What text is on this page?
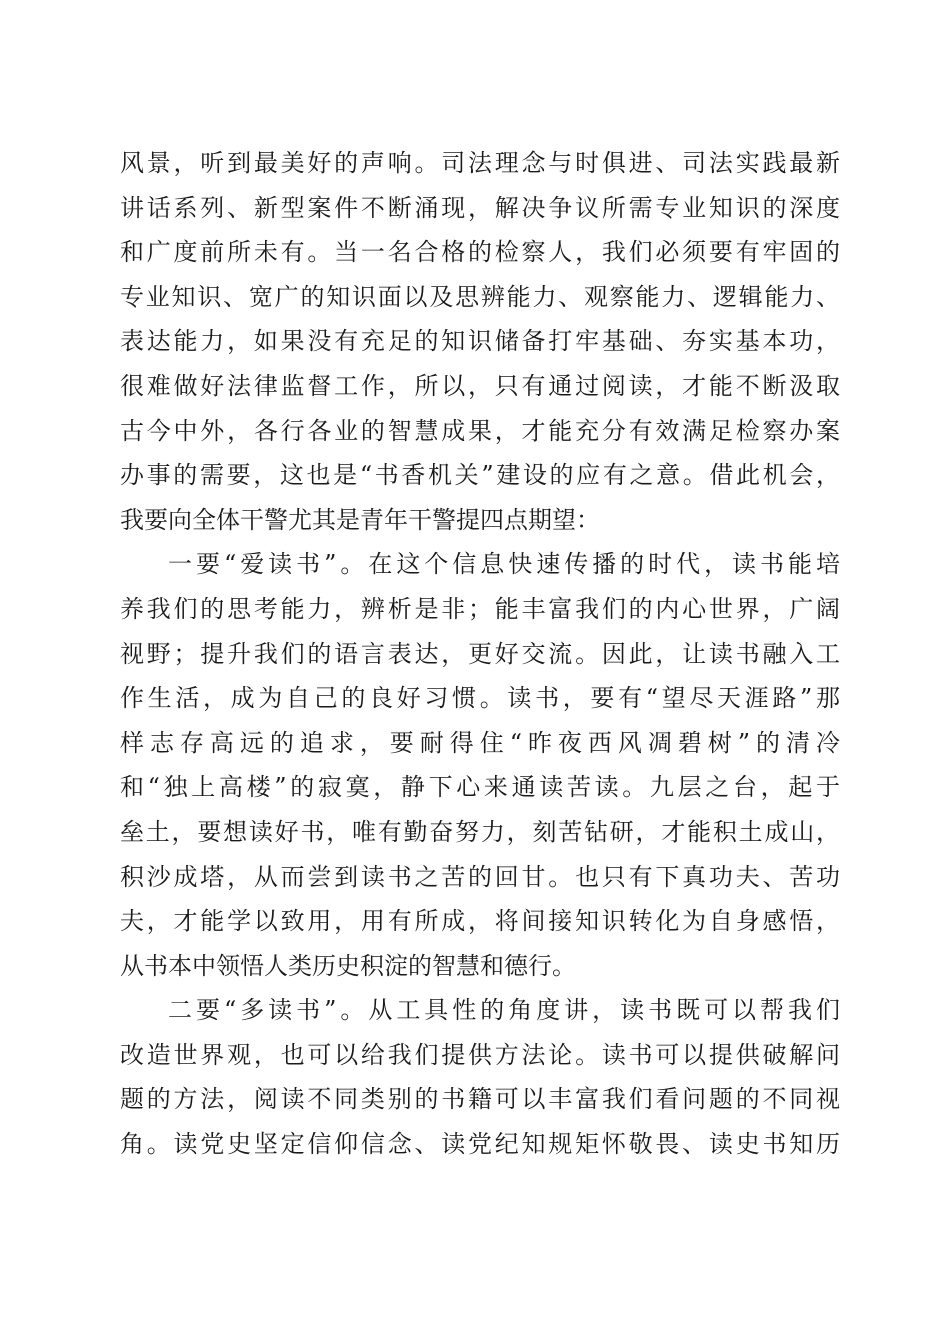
风景，听到最美好的声响。司法理念与时俱进、司法实践最新
讲话系列、新型案件不断涌现，解决争议所需专业知识的深度
和广度前所未有。当一名合格的检察人，我们必须要有牢固的
专业知识、宽广的知识面以及思辨能力、观察能力、逻辑能力、
表达能力，如果没有充足的知识储备打牢基础、夯实基本功，
很难做好法律监督工作，所以，只有通过阅读，才能不断汲取
古今中外，各行各业的智慧成果，才能充分有效满足检察办案
办事的需要，这也是“书香机关”建设的应有之意。借此机会，
我要向全体干警尤其是青年干警提四点期望：
一要“爱读书”。在这个信息快速传播的时代，读书能培
养我们的思考能力，辨析是非；能丰富我们的内心世界，广阔
视野；提升我们的语言表达，更好交流。因此，让读书融入工
作生活，成为自己的良好习惯。读书，要有“望尽天涯路”那
样志存高远的追求，要耐得住“昨夜西风凋碧树”的清冷
和“独上高楼”的寂寞，静下心来通读苦读。九层之台，起于
垒土，要想读好书，唯有勤奋努力，刻苦钻研，才能积土成山，
积沙成塔，从而尝到读书之苦的回甘。也只有下真功夫、苦功
夫，才能学以致用，用有所成，将间接知识转化为自身感悟，
从书本中领悟人类历史积淀的智慧和德行。
二要“多读书”。从工具性的角度讲，读书既可以帮我们
改造世界观，也可以给我们提供方法论。读书可以提供破解问
题的方法，阅读不同类别的书籍可以丰富我们看问题的不同视
角。读党史坚定信仰信念、读党纪知规矩怀敬畏、读史书知历
